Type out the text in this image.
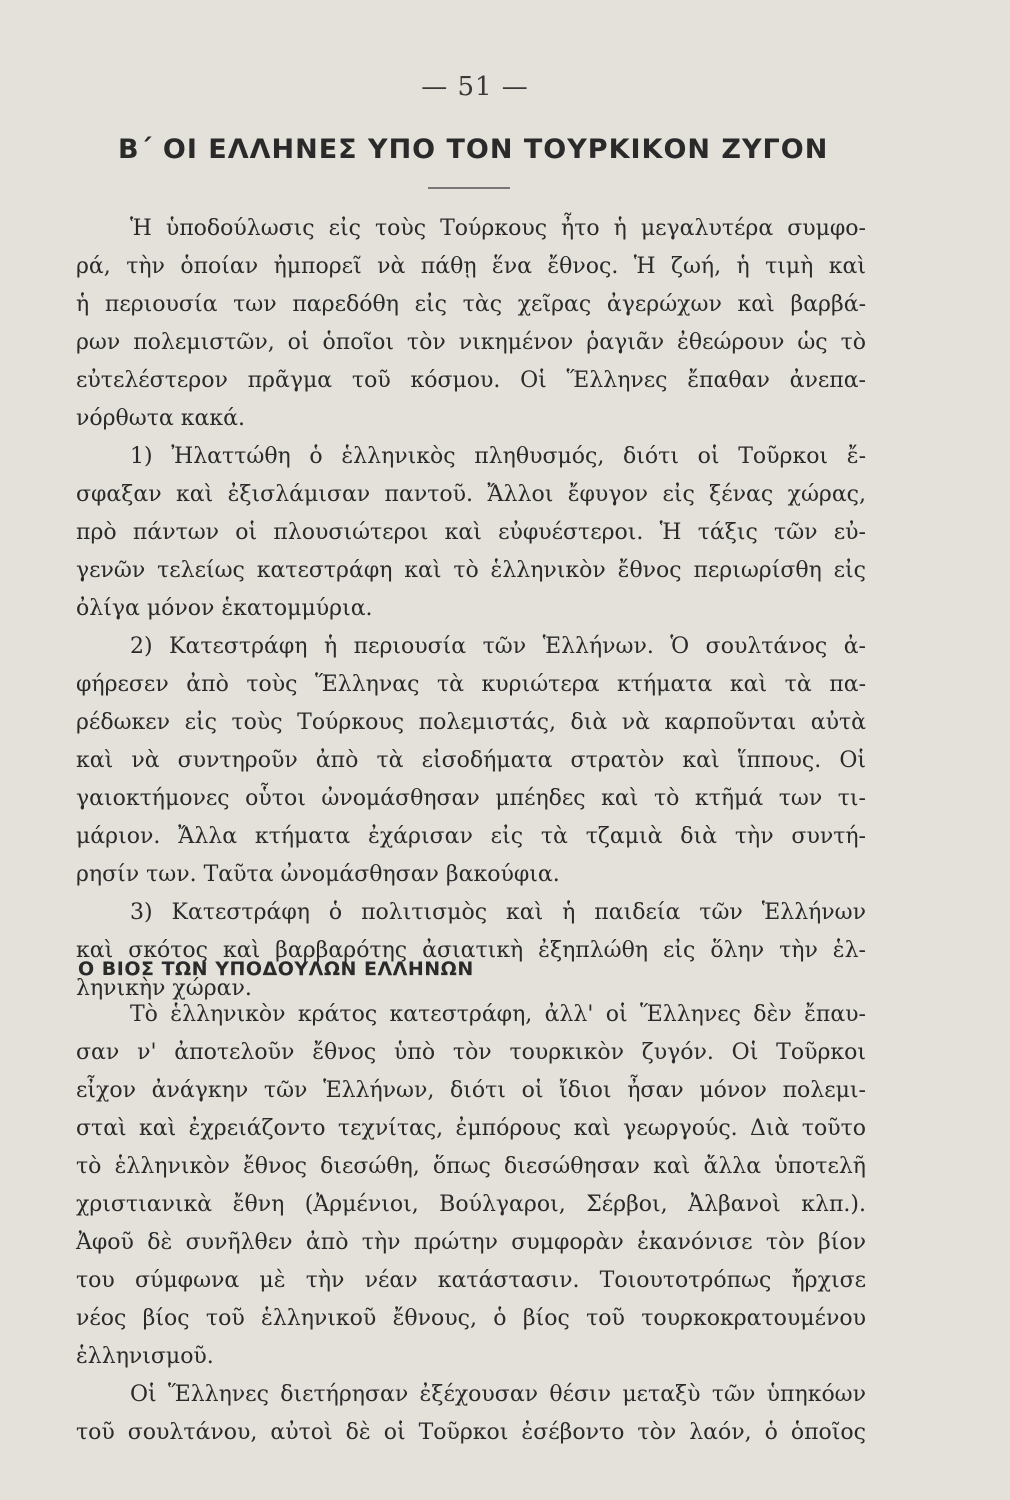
— 51 —
Β΄ ΟΙ ΕΛΛΗΝΕΣ ΥΠΟ ΤΟΝ ΤΟΥΡΚΙΚΟΝ ΖΥΓΟΝ
Ἡ ὑποδούλωσις εἰς τοὺς Τούρκους ἦτο ἡ μεγαλυτέρα συμφο-
ρά, τὴν ὁποίαν ἠμπορεῖ νὰ πάθῃ ἕνα ἔθνος. Ἡ ζωή, ἡ τιμὴ καὶ
ἡ περιουσία των παρεδόθη εἰς τὰς χεῖρας ἀγερώχων καὶ βαρβά-
ρων πολεμιστῶν, οἱ ὁποῖοι τὸν νικημένον ῥαγιᾶν ἐθεώρουν ὡς τὸ
εὐτελέστερον πρᾶγμα τοῦ κόσμου. Οἱ Ἕλληνες ἔπαθαν ἀνεπα-
νόρθωτα κακά.
1) Ἠλαττώθη ὁ ἑλληνικὸς πληθυσμός, διότι οἱ Τοῦρκοι ἔ-
σφαξαν καὶ ἐξισλάμισαν παντοῦ. Ἄλλοι ἔφυγον εἰς ξένας χώρας,
πρὸ πάντων οἱ πλουσιώτεροι καὶ εὐφυέστεροι. Ἡ τάξις τῶν εὐ-
γενῶν τελείως κατεστράφη καὶ τὸ ἑλληνικὸν ἔθνος περιωρίσθη εἰς
ὀλίγα μόνον ἑκατομμύρια.
2) Κατεστράφη ἡ περιουσία τῶν Ἑλλήνων. Ὁ σουλτάνος ἀ-
φήρεσεν ἀπὸ τοὺς Ἕλληνας τὰ κυριώτερα κτήματα καὶ τὰ πα-
ρέδωκεν εἰς τοὺς Τούρκους πολεμιστάς, διὰ νὰ καρποῦνται αὐτὰ
καὶ νὰ συντηροῦν ἀπὸ τὰ εἰσοδήματα στρατὸν καὶ ἵππους. Οἱ
γαιοκτήμονες οὗτοι ὠνομάσθησαν μπέηδες καὶ τὸ κτῆμά των τι-
μάριον. Ἄλλα κτήματα ἐχάρισαν εἰς τὰ τζαμιὰ διὰ τὴν συντή-
ρησίν των. Ταῦτα ὠνομάσθησαν βακούφια.
3) Κατεστράφη ὁ πολιτισμὸς καὶ ἡ παιδεία τῶν Ἑλλήνων
καὶ σκότος καὶ βαρβαρότης ἀσιατικὴ ἐξηπλώθη εἰς ὅλην τὴν ἑλ-
ληνικὴν χώραν.
Ο ΒΙΟΣ ΤΩΝ ΥΠΟΔΟΥΛΩΝ ΕΛΛΗΝΩΝ
Τὸ ἑλληνικὸν κράτος κατεστράφη, ἀλλ' οἱ Ἕλληνες δὲν ἔπαυ-
σαν ν' ἀποτελοῦν ἔθνος ὑπὸ τὸν τουρκικὸν ζυγόν. Οἱ Τοῦρκοι
εἶχον ἀνάγκην τῶν Ἑλλήνων, διότι οἱ ἴδιοι ἦσαν μόνον πολεμι-
σταὶ καὶ ἐχρειάζοντο τεχνίτας, ἐμπόρους καὶ γεωργούς. Διὰ τοῦτο
τὸ ἑλληνικὸν ἔθνος διεσώθη, ὅπως διεσώθησαν καὶ ἄλλα ὑποτελῆ
χριστιανικὰ ἔθνη (Ἀρμένιοι, Βούλγαροι, Σέρβοι, Ἀλβανοὶ κλπ.).
Ἀφοῦ δὲ συνῆλθεν ἀπὸ τὴν πρώτην συμφορὰν ἐκανόνισε τὸν βίον
του σύμφωνα μὲ τὴν νέαν κατάστασιν. Τοιουτοτρόπως ἤρχισε
νέος βίος τοῦ ἑλληνικοῦ ἔθνους, ὁ βίος τοῦ τουρκοκρατουμένου
ἑλληνισμοῦ.
Οἱ Ἕλληνες διετήρησαν ἐξέχουσαν θέσιν μεταξὺ τῶν ὑπηκόων
τοῦ σουλτάνου, αὐτοὶ δὲ οἱ Τοῦρκοι ἐσέβοντο τὸν λαόν, ὁ ὁποῖος
